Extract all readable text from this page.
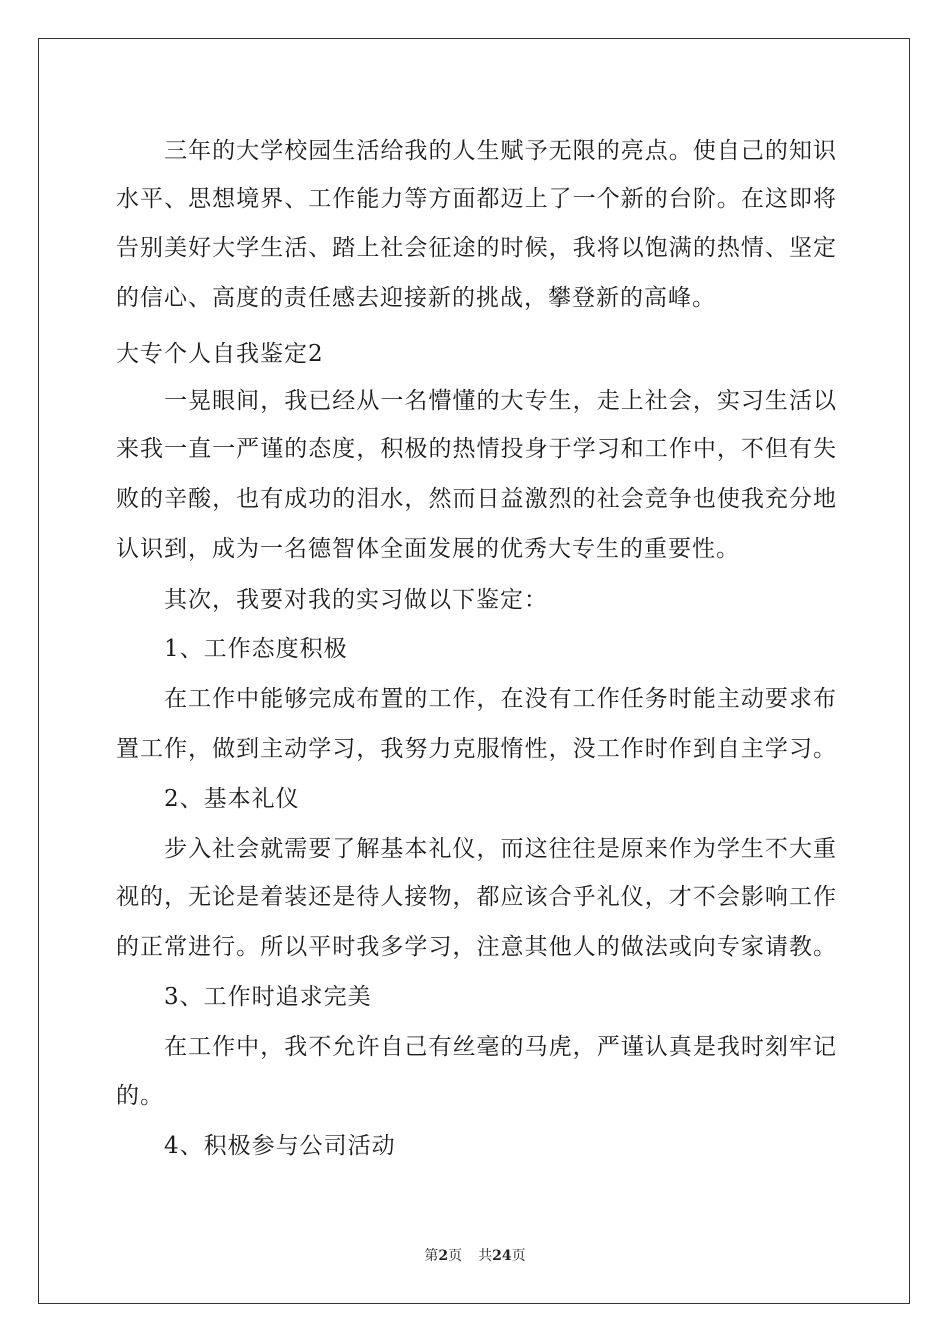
　　三年的大学校园生活给我的人生赋予无限的亮点。使自己的知识
水平、思想境界、工作能力等方面都迈上了一个新的台阶。在这即将
告别美好大学生活、踏上社会征途的时候，我将以饱满的热情、坚定
的信心、高度的责任感去迎接新的挑战，攀登新的高峰。
大专个人自我鉴定2
　　一晃眼间，我已经从一名懵懂的大专生，走上社会，实习生活以
来我一直一严谨的态度，积极的热情投身于学习和工作中，不但有失
败的辛酸，也有成功的泪水，然而日益激烈的社会竞争也使我充分地
认识到，成为一名德智体全面发展的优秀大专生的重要性。
　　其次，我要对我的实习做以下鉴定：
　　1、工作态度积极
　　在工作中能够完成布置的工作，在没有工作任务时能主动要求布
置工作，做到主动学习，我努力克服惰性，没工作时作到自主学习。
　　2、基本礼仪
　　步入社会就需要了解基本礼仪，而这往往是原来作为学生不大重
视的，无论是着装还是待人接物，都应该合乎礼仪，才不会影响工作
的正常进行。所以平时我多学习，注意其他人的做法或向专家请教。
　　3、工作时追求完美
　　在工作中，我不允许自己有丝毫的马虎，严谨认真是我时刻牢记
的。
　　4、积极参与公司活动
第2页 共24页
